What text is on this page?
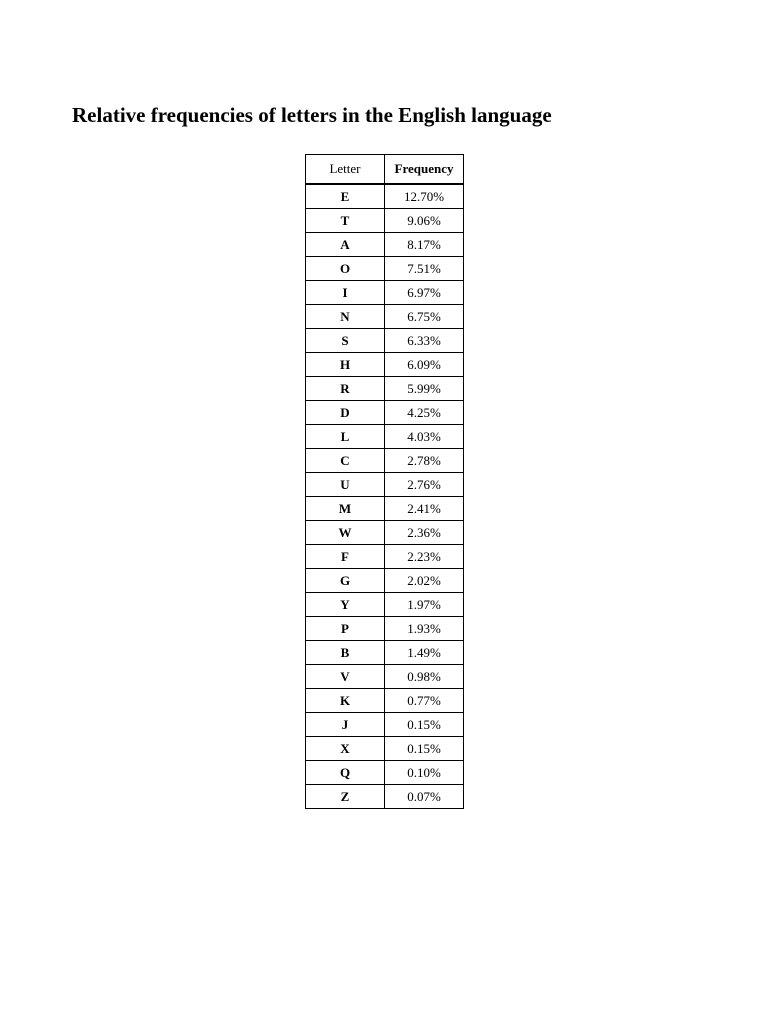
Relative frequencies of letters in the English language
Letter	Frequency
E	12.70%
T	9.06%
A	8.17%
O	7.51%
I	6.97%
N	6.75%
S	6.33%
H	6.09%
R	5.99%
D	4.25%
L	4.03%
C	2.78%
U	2.76%
M	2.41%
W	2.36%
F	2.23%
G	2.02%
Y	1.97%
P	1.93%
B	1.49%
V	0.98%
K	0.77%
J	0.15%
X	0.15%
Q	0.10%
Z	0.07%
